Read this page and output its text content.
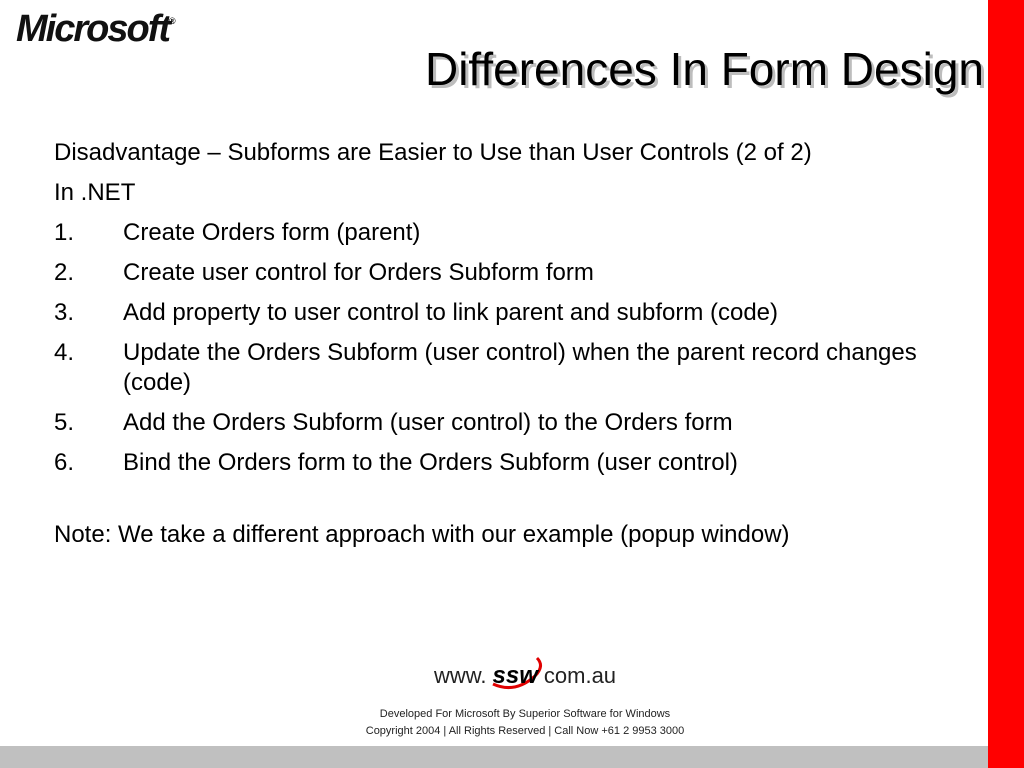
Microsoft®
Differences In Form Design
Disadvantage – Subforms are Easier to Use than User Controls (2 of 2)
In .NET
1.	Create Orders form (parent)
2.	Create user control for Orders Subform form
3.	Add property to user control to link parent and subform (code)
4.	Update the Orders Subform (user control) when the parent record changes (code)
5.	Add the Orders Subform (user control) to the Orders form
6.	Bind the Orders form to the Orders Subform (user control)
Note: We take a different approach with our example (popup window)
www. ssw com.au
Developed For Microsoft By Superior Software for Windows
Copyright 2004 | All Rights Reserved | Call Now +61 2 9953 3000
